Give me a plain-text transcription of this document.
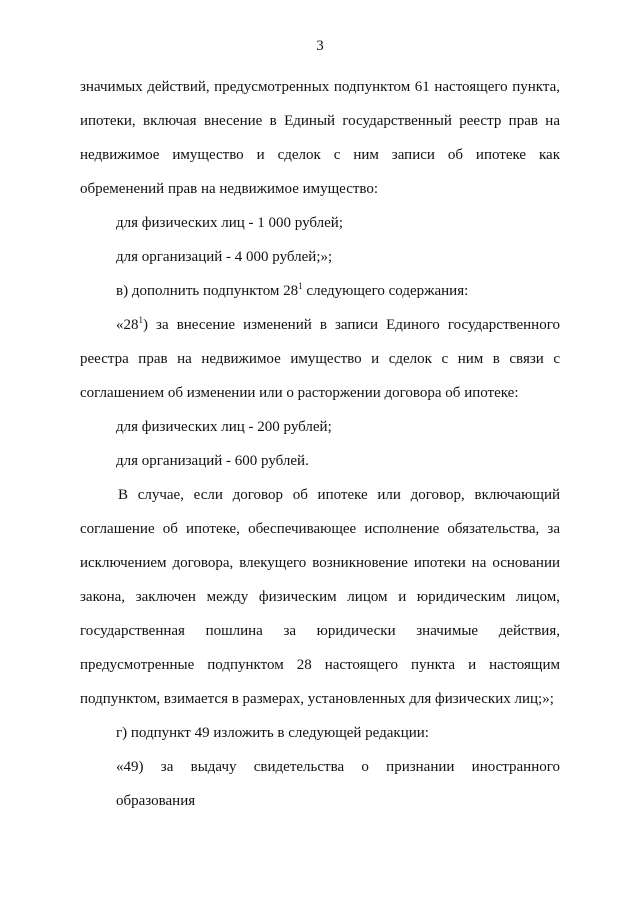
3
значимых действий, предусмотренных подпунктом 61 настоящего пункта,
ипотеки, включая внесение в Единый государственный реестр прав на
недвижимое имущество и сделок с ним записи об ипотеке как
обременений прав на недвижимое имущество:
для физических лиц - 1 000 рублей;
для организаций - 4 000 рублей;»;
в) дополнить подпунктом $28^1$ следующего содержания:
«$28^1$) за внесение изменений в записи Единого государственного
реестра прав на недвижимое имущество и сделок с ним в связи с
соглашением об изменении или о расторжении договора об ипотеке:
для физических лиц - 200 рублей;
для организаций - 600 рублей.
В случае, если договор об ипотеке или договор, включающий
соглашение об ипотеке, обеспечивающее исполнение обязательства, за
исключением договора, влекущего возникновение ипотеки на основании
закона, заключен между физическим лицом и юридическим лицом,
государственная пошлина за юридически значимые действия,
предусмотренные подпунктом 28 настоящего пункта и настоящим
подпунктом, взимается в размерах, установленных для физических лиц;»;
г) подпункт 49 изложить в следующей редакции:
«49) за выдачу свидетельства о признании иностранного образования
